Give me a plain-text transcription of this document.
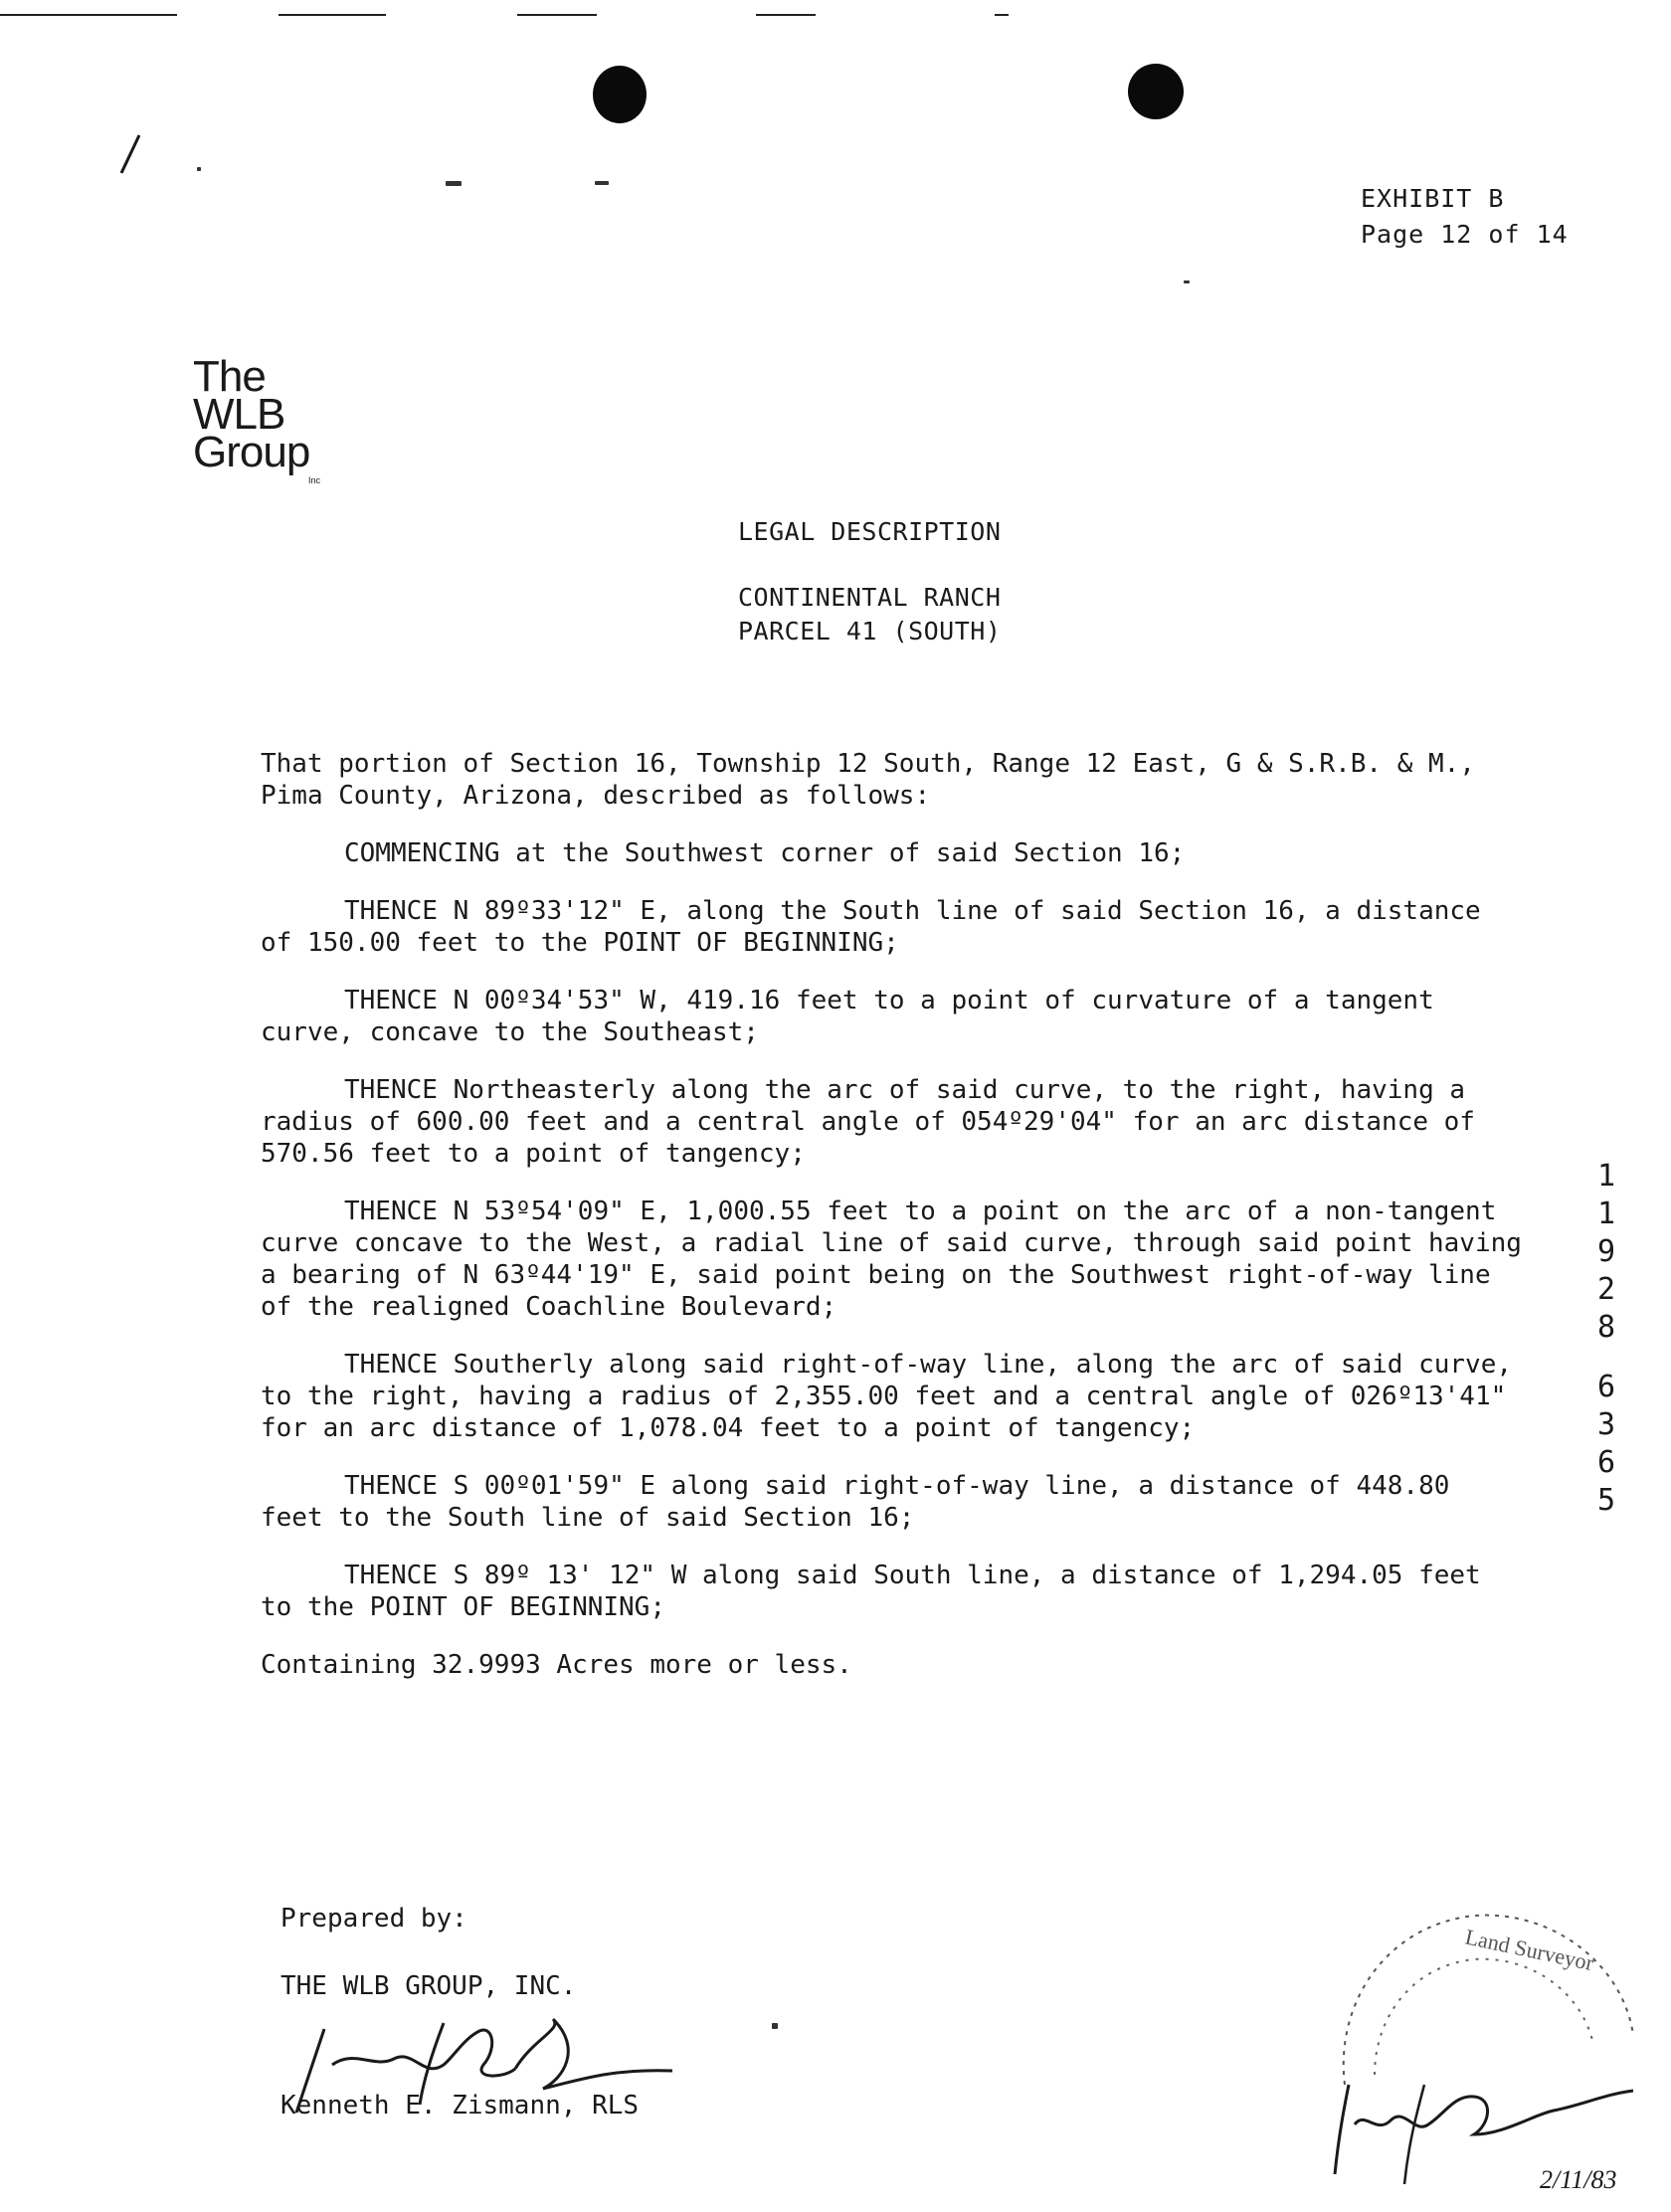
EXHIBIT B
Page 12 of 14
The
WLB
Group
Inc
LEGAL DESCRIPTION
CONTINENTAL RANCH
PARCEL 41 (SOUTH)

That portion of Section 16, Township 12 South, Range 12 East, G & S.R.B. & M., Pima County, Arizona, described as follows:

COMMENCING at the Southwest corner of said Section 16;

THENCE N 89º33'12" E, along the South line of said Section 16, a distance of 150.00 feet to the POINT OF BEGINNING;

THENCE N 00º34'53" W, 419.16 feet to a point of curvature of a tangent curve, concave to the Southeast;

THENCE Northeasterly along the arc of said curve, to the right, having a radius of 600.00 feet and a central angle of 054º29'04" for an arc distance of 570.56 feet to a point of tangency;

THENCE N 53º54'09" E, 1,000.55 feet to a point on the arc of a non-tangent curve concave to the West, a radial line of said curve, through said point having a bearing of N 63º44'19" E, said point being on the Southwest right-of-way line of the realigned Coachline Boulevard;

THENCE Southerly along said right-of-way line, along the arc of said curve, to the right, having a radius of 2,355.00 feet and a central angle of 026º13'41" for an arc distance of 1,078.04 feet to a point of tangency;

THENCE S 00º01'59" E along said right-of-way line, a distance of 448.80 feet to the South line of said Section 16;

THENCE S 89º 13' 12" W along said South line, a distance of 1,294.05 feet to the POINT OF BEGINNING;

Containing 32.9993 Acres more or less.

1
1
9
2
8
6
3
6
5
Prepared by:
THE WLB GROUP, INC.
Kenneth E. Zismann, RLS
Land Surveyor
2/11/83
